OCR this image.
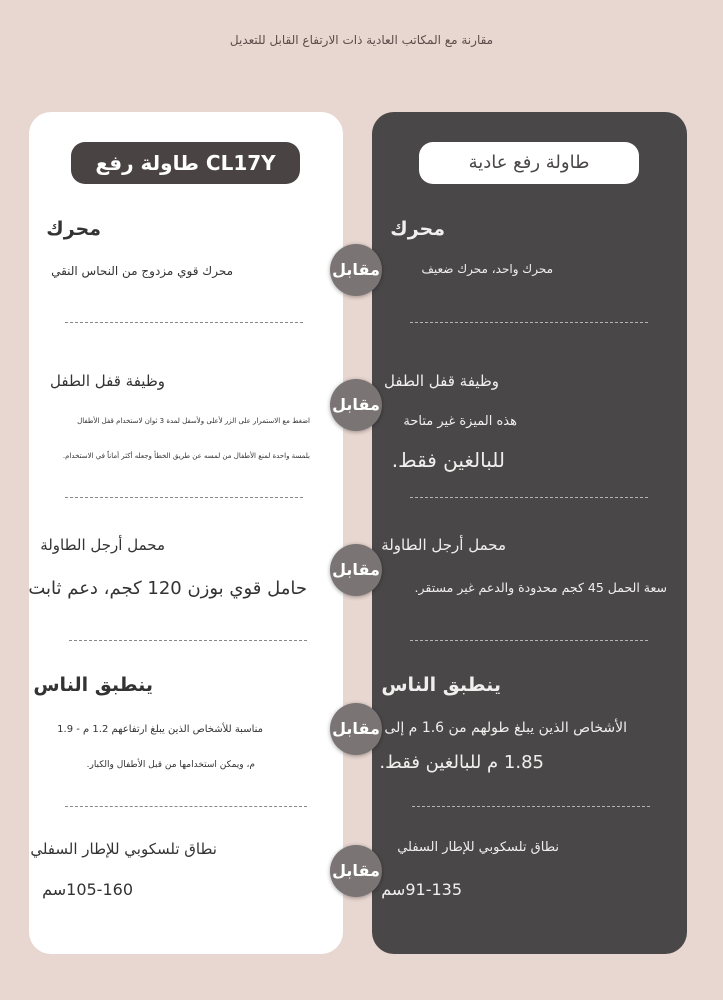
مقارنة مع المكاتب العادية ذات الارتفاع القابل للتعديل
طاولة رفع CL17Y
محرك
محرك قوي مزدوج من النحاس النقي
وظيفة قفل الطفل
اضغط مع الاستمرار على الزر لأعلى ولأسفل لمدة 3 ثوان لاستخدام قفل الأطفال
بلمسة واحدة لمنع الأطفال من لمسه عن طريق الخطأ وجعله أكثر أماناً في الاستخدام.
محمل أرجل الطاولة
حامل قوي بوزن 120 كجم، دعم ثابت
ينطبق الناس
مناسبة للأشخاص الذين يبلغ ارتفاعهم 1.2 م - 1.9
م، ويمكن استخدامها من قبل الأطفال والكبار.
نطاق تلسكوبي للإطار السفلي
105-160سم
طاولة رفع عادية
محرك
محرك واحد، محرك ضعيف
وظيفة قفل الطفل
هذه الميزة غير متاحة
للبالغين فقط.
محمل أرجل الطاولة
سعة الحمل 45 كجم محدودة والدعم غير مستقر.
ينطبق الناس
الأشخاص الذين يبلغ طولهم من 1.6 م إلى
1.85 م للبالغين فقط.
نطاق تلسكوبي للإطار السفلي
91-135سم
مقابل
مقابل
مقابل
مقابل
مقابل
